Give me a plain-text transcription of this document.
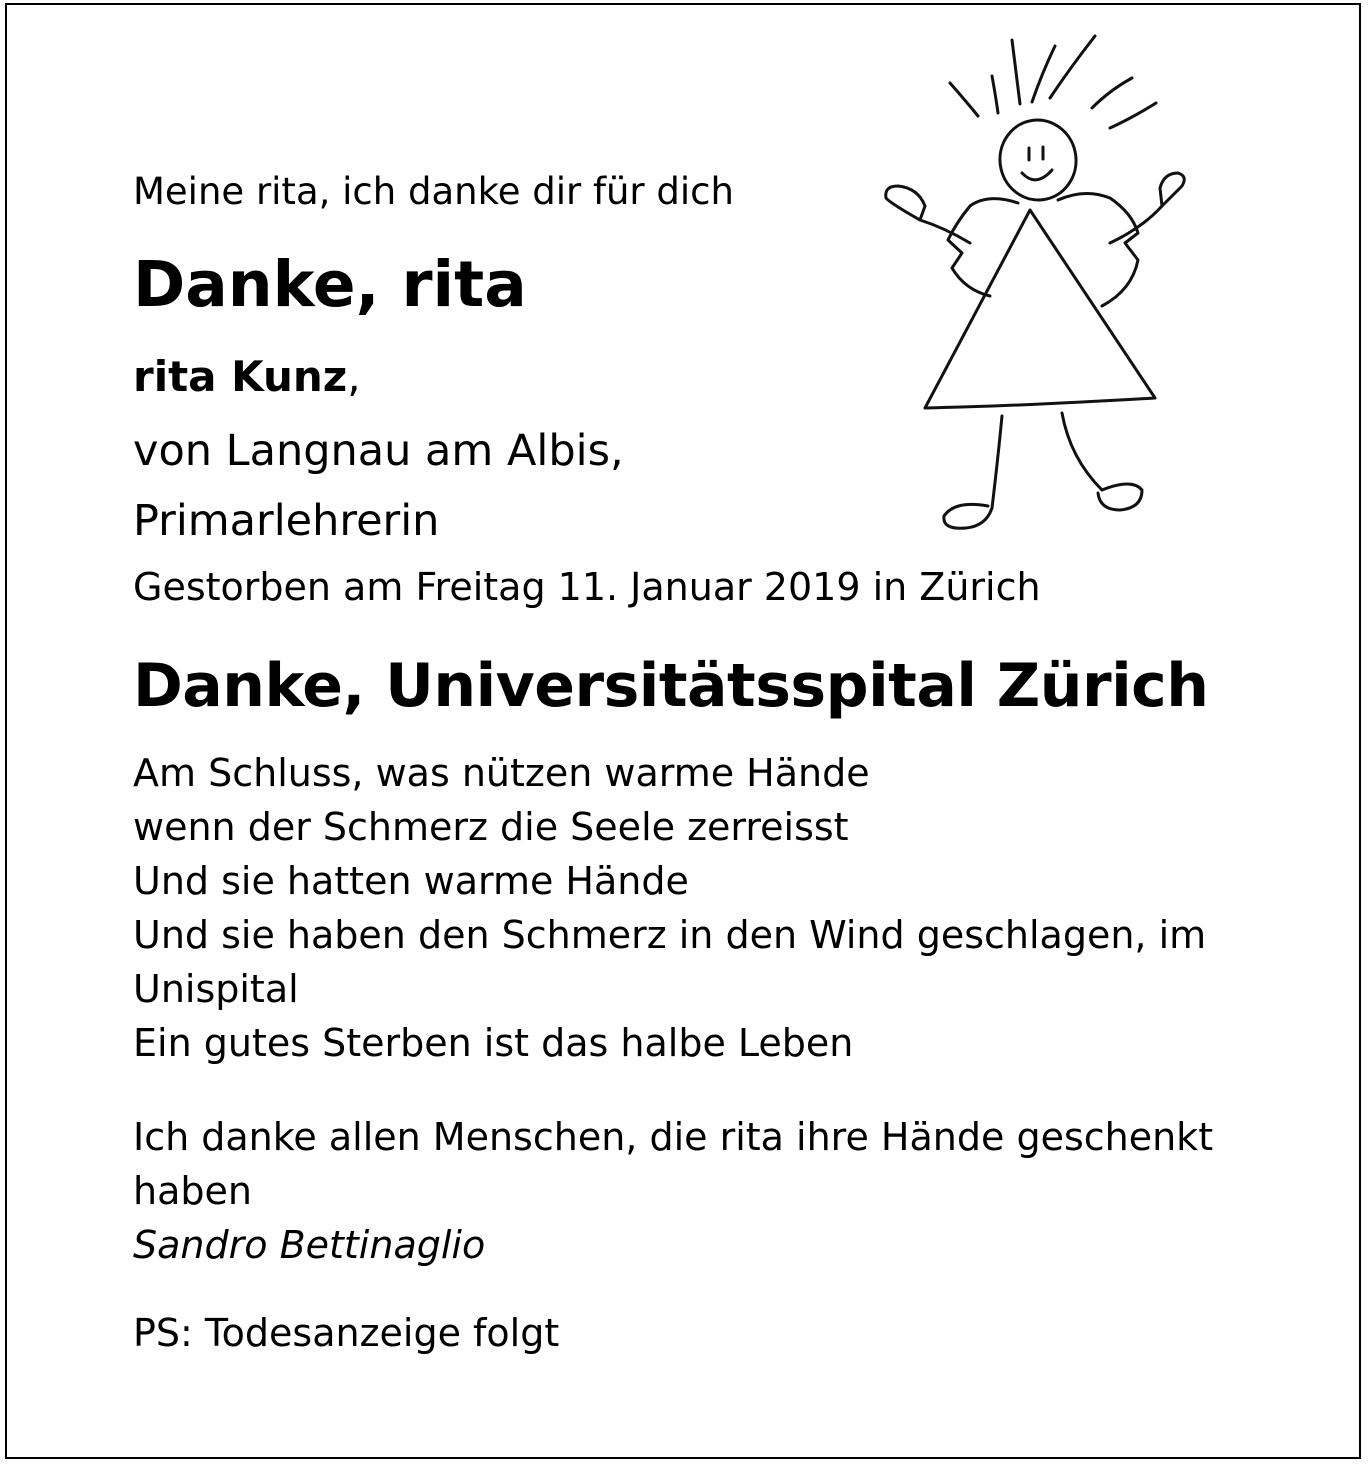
Meine rita, ich danke dir für dich

Danke, rita

rita Kunz,

von Langnau am Albis,

Primarlehrerin

Gestorben am Freitag 11. Januar 2019 in Zürich

Danke, Universitätsspital Zürich
Am Schluss, was nützen warme Hände
wenn der Schmerz die Seele zerreisst
Und sie hatten warme Hände
Und sie haben den Schmerz in den Wind geschlagen, im
Unispital
Ein gutes Sterben ist das halbe Leben
Ich danke allen Menschen, die rita ihre Hände geschenkt
haben
Sandro Bettinaglio

PS: Todesanzeige folgt
